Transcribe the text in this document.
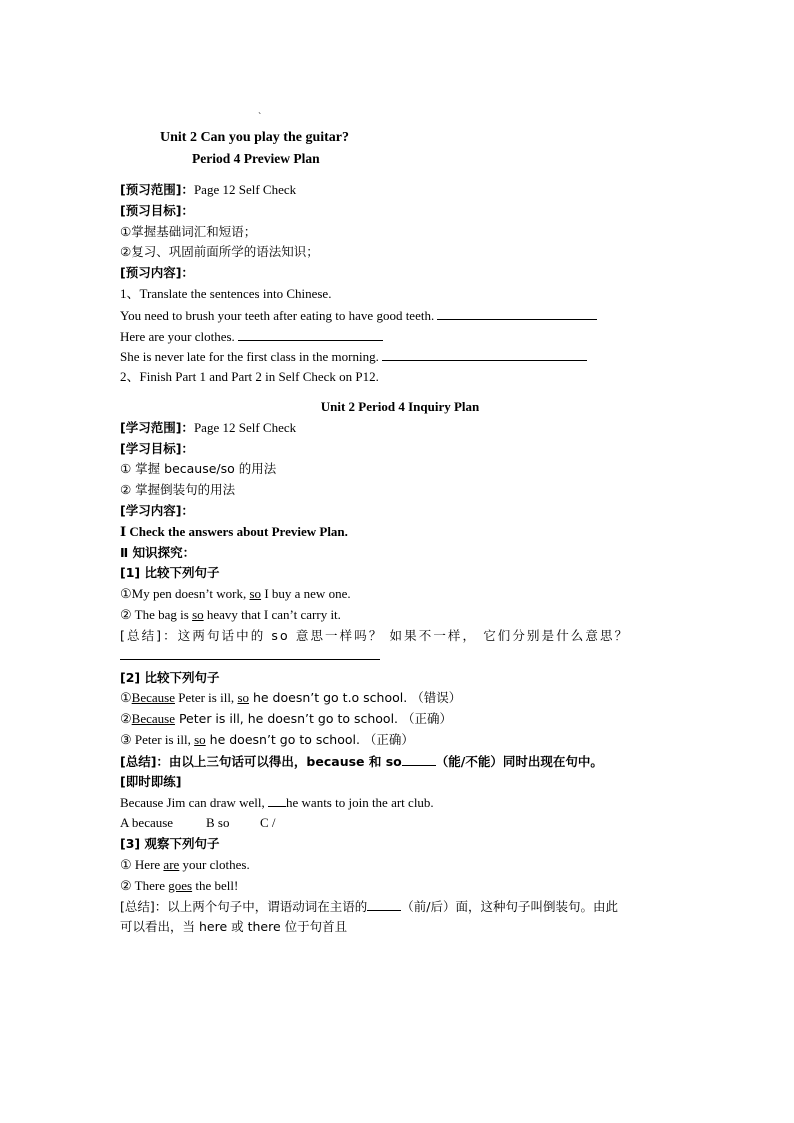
`
Unit 2 Can you play the guitar?
Period 4 Preview Plan
[预习范围]：Page 12 Self Check
[预习目标]：
①掌握基础词汇和短语；
②复习、巩固前面所学的语法知识；
[预习内容]：
1、Translate the sentences into Chinese.
You need to brush your teeth after eating to have good teeth.
Here are your clothes.
She is never late for the first class in the morning.
2、Finish Part 1 and Part 2 in Self Check on P12.
Unit 2 Period 4 Inquiry Plan
[学习范围]：Page 12 Self Check
[学习目标]：
① 掌握 because/so 的用法
② 掌握倒装句的用法
[学习内容]：
Ⅰ Check the answers about Preview Plan.
Ⅱ 知识探究：
[1] 比较下列句子
①My pen doesn’t work, so I buy a new one.
② The bag is so heavy that I can’t carry it.
[总结]：这两句话中的 so 意思一样吗？ 如果不一样， 它们分别是什么意思？
[2] 比较下列句子
①Because Peter is ill, so he doesn’t go t.o school. （错误）
②Because Peter is ill, he doesn’t go to school. （正确）
③ Peter is ill, so he doesn’t go to school. （正确）
[总结]：由以上三句话可以得出，because 和 so	（能/不能）同时出现在句中。
[即时即练]
Because Jim can draw well, he wants to join the art club.
A because	B so C /
[3] 观察下列句子
① Here are your clothes.
② There goes the bell!
[总结]：以上两个句子中，谓语动词在主语的	（前/后）面，这种句子叫倒装句。由此
可以看出，当 here 或 there 位于句首且
